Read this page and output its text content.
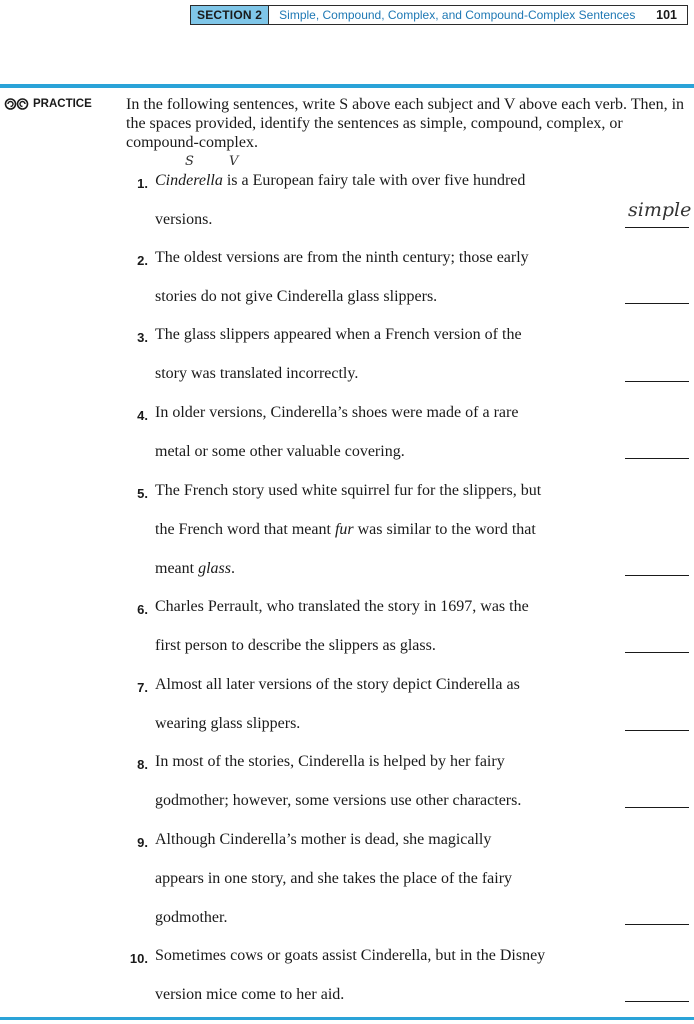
SECTION 2	Simple, Compound, Complex, and Compound-Complex Sentences	101
PRACTICE In the following sentences, write S above each subject and V above each verb. Then, in the spaces provided, identify the sentences as simple, compound, complex, or compound-complex.
S	V
1. Cinderella is a European fairy tale with over five hundred
versions.	simple
2. The oldest versions are from the ninth century; those early
stories do not give Cinderella glass slippers.
3. The glass slippers appeared when a French version of the
story was translated incorrectly.
4. In older versions, Cinderella’s shoes were made of a rare
metal or some other valuable covering.
5. The French story used white squirrel fur for the slippers, but
the French word that meant fur was similar to the word that
meant glass.
6. Charles Perrault, who translated the story in 1697, was the
first person to describe the slippers as glass.
7. Almost all later versions of the story depict Cinderella as
wearing glass slippers.
8. In most of the stories, Cinderella is helped by her fairy
godmother; however, some versions use other characters.
9. Although Cinderella’s mother is dead, she magically
appears in one story, and she takes the place of the fairy
godmother.
10. Sometimes cows or goats assist Cinderella, but in the Disney
version mice come to her aid.
